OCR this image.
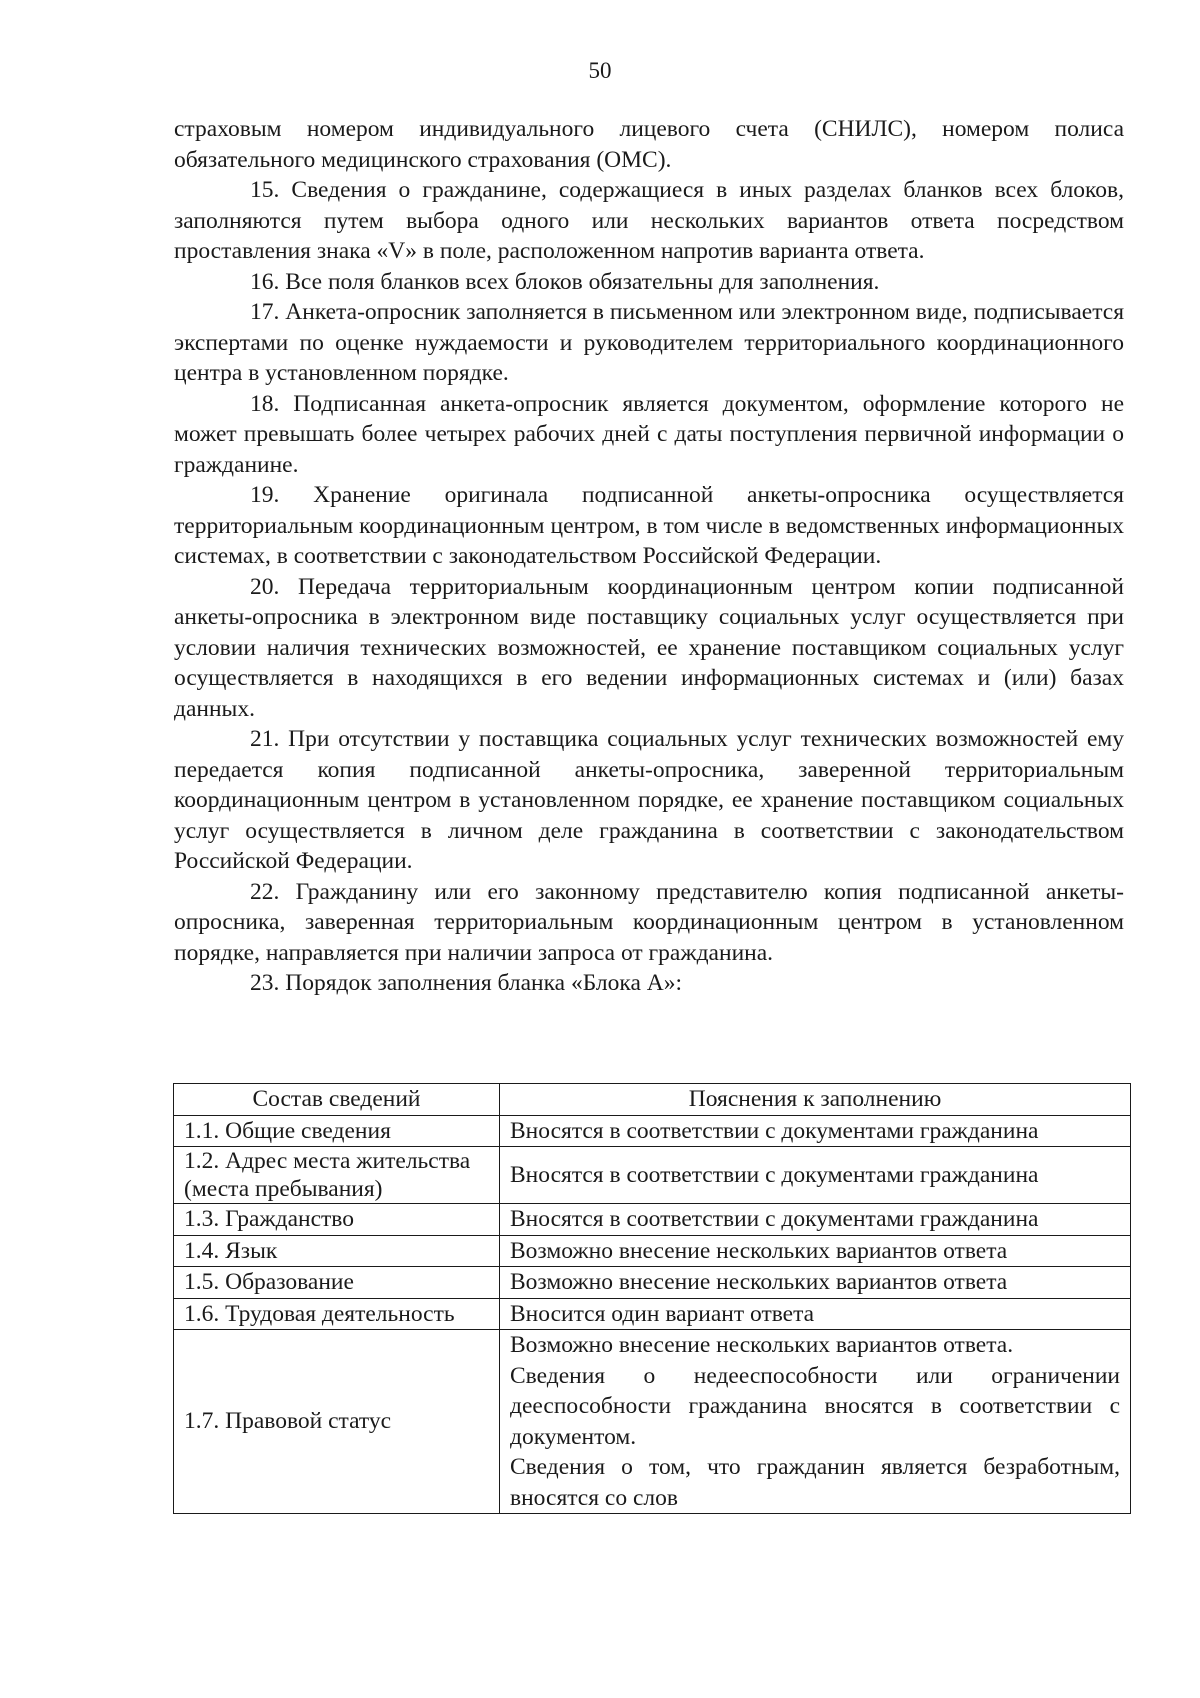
50

страховым номером индивидуального лицевого счета (СНИЛС), номером полиса обязательного медицинского страхования (ОМС).

15. Сведения о гражданине, содержащиеся в иных разделах бланков всех блоков, заполняются путем выбора одного или нескольких вариантов ответа посредством проставления знака «V» в поле, расположенном напротив варианта ответа.

16. Все поля бланков всех блоков обязательны для заполнения.

17. Анкета-опросник заполняется в письменном или электронном виде, подписывается экспертами по оценке нуждаемости и руководителем территориального координационного центра в установленном порядке.

18. Подписанная анкета-опросник является документом, оформление которого не может превышать более четырех рабочих дней с даты поступления первичной информации о гражданине.

19. Хранение оригинала подписанной анкеты-опросника осуществляется территориальным координационным центром, в том числе в ведомственных информационных системах, в соответствии с законодательством Российской Федерации.

20. Передача территориальным координационным центром копии подписанной анкеты-опросника в электронном виде поставщику социальных услуг осуществляется при условии наличия технических возможностей, ее хранение поставщиком социальных услуг осуществляется в находящихся в его ведении информационных системах и (или) базах данных.

21. При отсутствии у поставщика социальных услуг технических возможностей ему передается копия подписанной анкеты-опросника, заверенной территориальным координационным центром в установленном порядке, ее хранение поставщиком социальных услуг осуществляется в личном деле гражданина в соответствии с законодательством Российской Федерации.

22. Гражданину или его законному представителю копия подписанной анкеты-опросника, заверенная территориальным координационным центром в установленном порядке, направляется при наличии запроса от гражданина.

23. Порядок заполнения бланка «Блока А»:

Состав сведений	Пояснения к заполнению
1.1. Общие сведения	Вносятся в соответствии с документами гражданина

1.2. Адрес места жительства (места пребывания)	Вносятся в соответствии с документами гражданина

1.3. Гражданство	Вносятся в соответствии с документами гражданина

1.4. Язык	Возможно внесение нескольких вариантов ответа

1.5. Образование	Возможно внесение нескольких вариантов ответа

1.6. Трудовая деятельность	Вносится один вариант ответа

1.7. Правовой статус	Возможно внесение нескольких вариантов ответа.
Сведения о недееспособности или ограничении дееспособности гражданина вносятся в соответствии с документом.
Сведения о том, что гражданин является безработным, вносятся со слов
